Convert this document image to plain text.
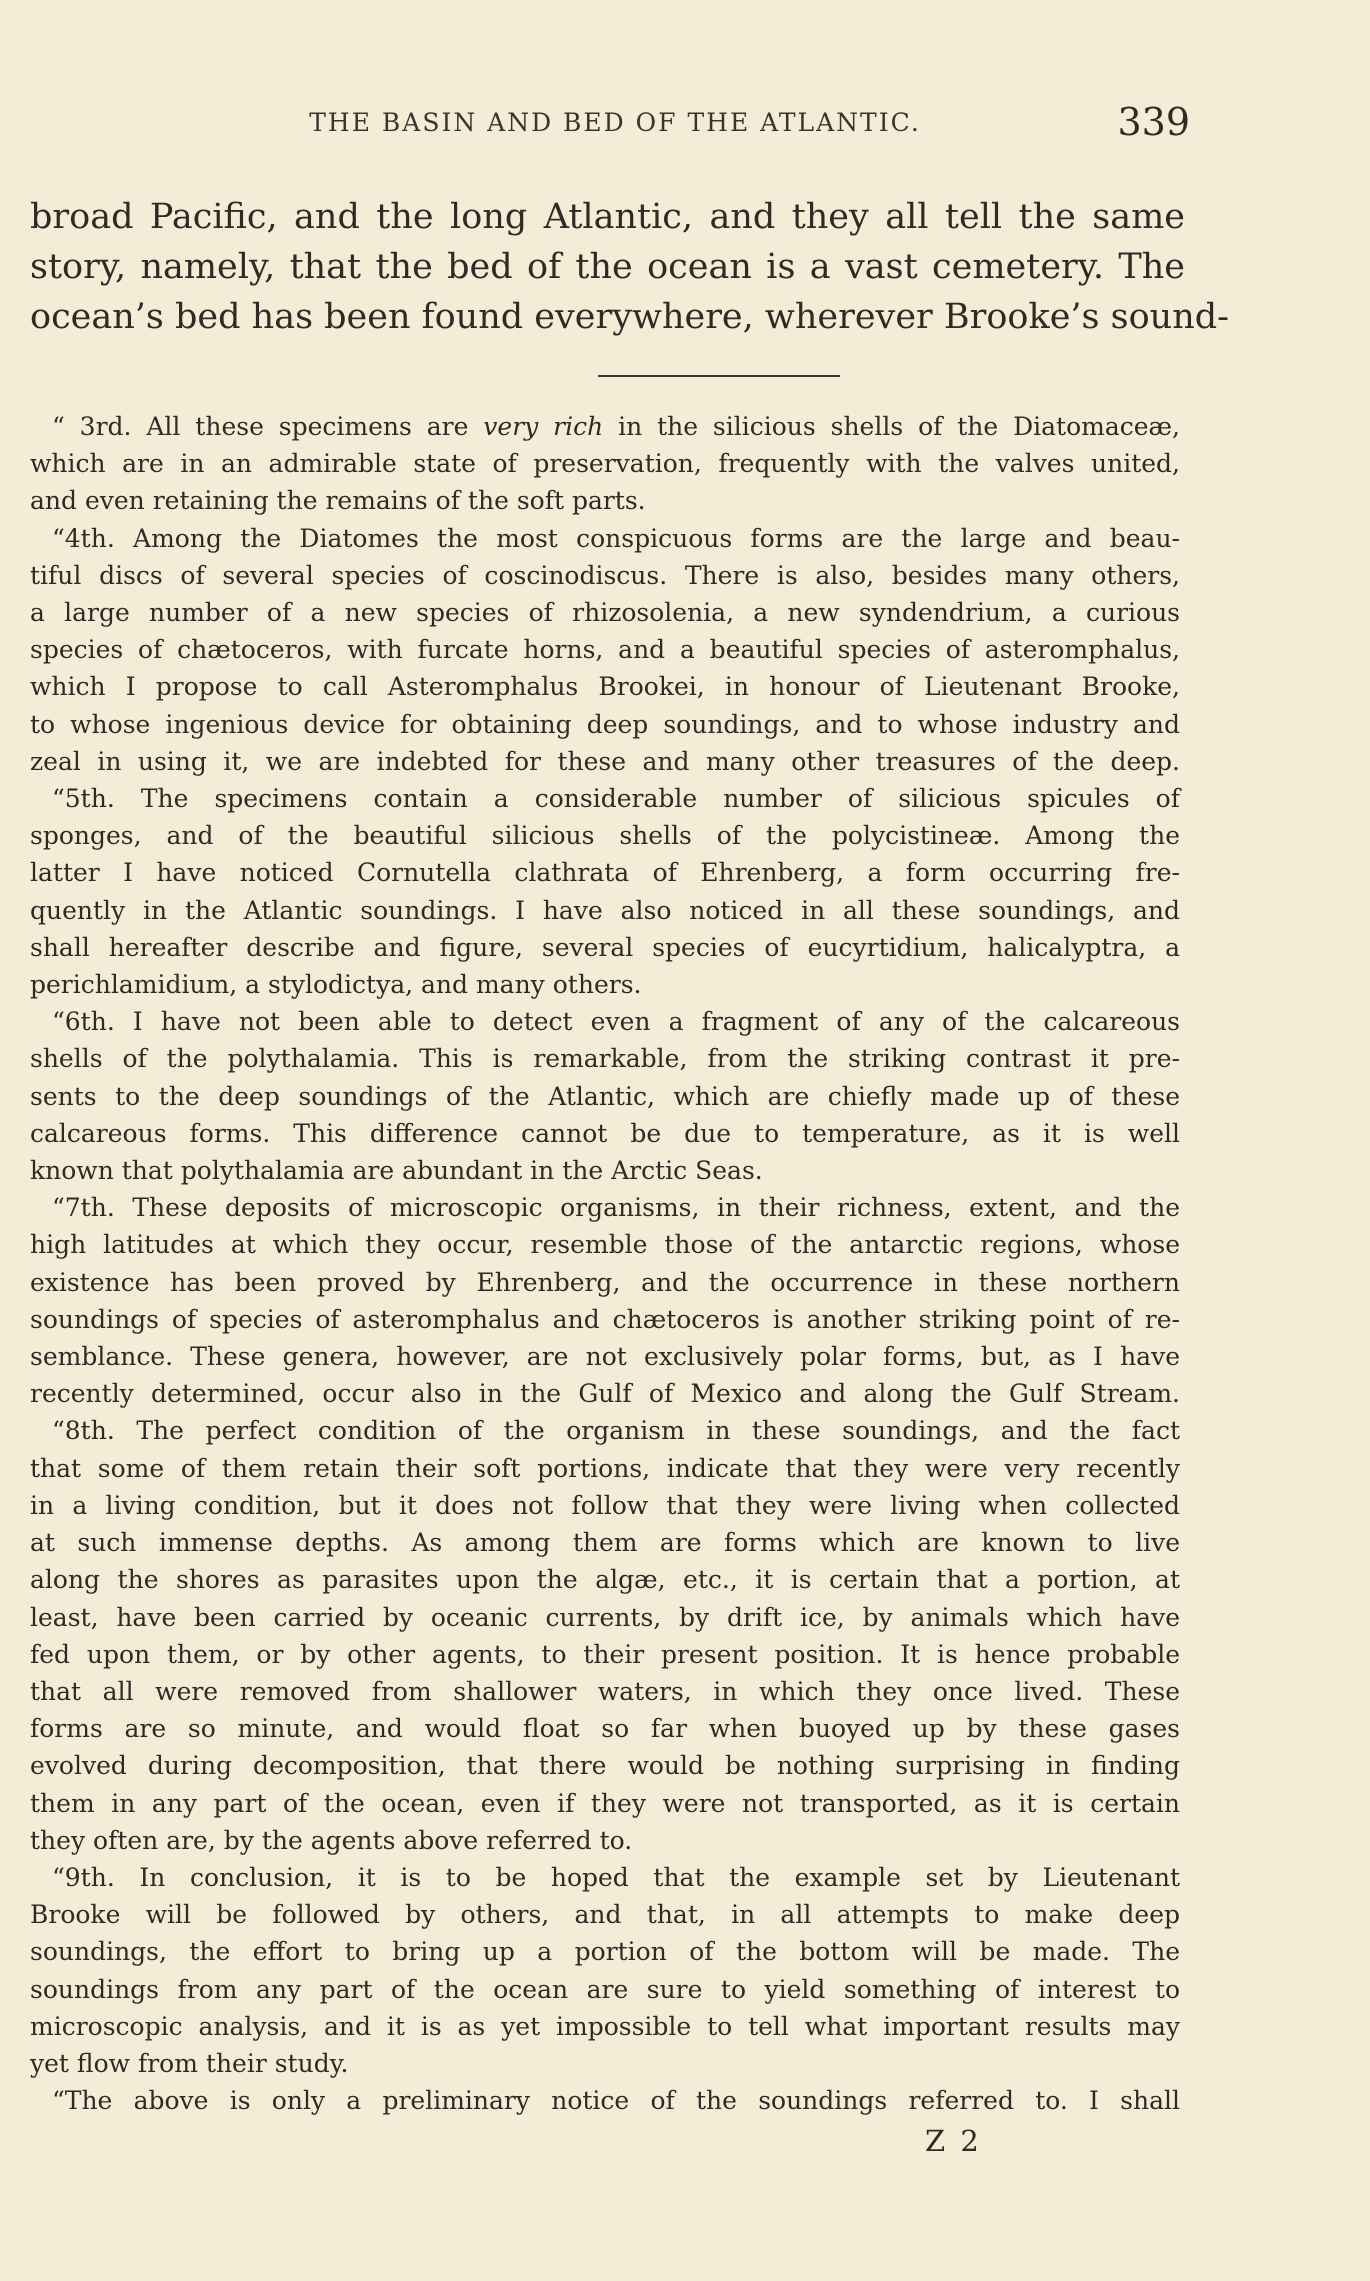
THE BASIN AND BED OF THE ATLANTIC.	339
broad Pacific, and the long Atlantic, and they all tell the same
story, namely, that the bed of the ocean is a vast cemetery. The
ocean’s bed has been found everywhere, wherever Brooke’s sound-
“ 3rd. All these specimens are very rich in the silicious shells of the Diatomaceæ,
which are in an admirable state of preservation, frequently with the valves united,
and even retaining the remains of the soft parts.
“4th. Among the Diatomes the most conspicuous forms are the large and beau-
tiful discs of several species of coscinodiscus. There is also, besides many others,
a large number of a new species of rhizosolenia, a new syndendrium, a curious
species of chætoceros, with furcate horns, and a beautiful species of asteromphalus,
which I propose to call Asteromphalus Brookei, in honour of Lieutenant Brooke,
to whose ingenious device for obtaining deep soundings, and to whose industry and
zeal in using it, we are indebted for these and many other treasures of the deep.
“5th. The specimens contain a considerable number of silicious spicules of
sponges, and of the beautiful silicious shells of the polycistineæ. Among the
latter I have noticed Cornutella clathrata of Ehrenberg, a form occurring fre-
quently in the Atlantic soundings. I have also noticed in all these soundings, and
shall hereafter describe and figure, several species of eucyrtidium, halicalyptra, a
perichlamidium, a stylodictya, and many others.
“6th. I have not been able to detect even a fragment of any of the calcareous
shells of the polythalamia. This is remarkable, from the striking contrast it pre-
sents to the deep soundings of the Atlantic, which are chiefly made up of these
calcareous forms. This difference cannot be due to temperature, as it is well
known that polythalamia are abundant in the Arctic Seas.
“7th. These deposits of microscopic organisms, in their richness, extent, and the
high latitudes at which they occur, resemble those of the antarctic regions, whose
existence has been proved by Ehrenberg, and the occurrence in these northern
soundings of species of asteromphalus and chætoceros is another striking point of re-
semblance. These genera, however, are not exclusively polar forms, but, as I have
recently determined, occur also in the Gulf of Mexico and along the Gulf Stream.
“8th. The perfect condition of the organism in these soundings, and the fact
that some of them retain their soft portions, indicate that they were very recently
in a living condition, but it does not follow that they were living when collected
at such immense depths. As among them are forms which are known to live
along the shores as parasites upon the algæ, etc., it is certain that a portion, at
least, have been carried by oceanic currents, by drift ice, by animals which have
fed upon them, or by other agents, to their present position. It is hence probable
that all were removed from shallower waters, in which they once lived. These
forms are so minute, and would float so far when buoyed up by these gases
evolved during decomposition, that there would be nothing surprising in finding
them in any part of the ocean, even if they were not transported, as it is certain
they often are, by the agents above referred to.
“9th. In conclusion, it is to be hoped that the example set by Lieutenant
Brooke will be followed by others, and that, in all attempts to make deep
soundings, the effort to bring up a portion of the bottom will be made. The
soundings from any part of the ocean are sure to yield something of interest to
microscopic analysis, and it is as yet impossible to tell what important results may
yet flow from their study.
“The above is only a preliminary notice of the soundings referred to. I shall
Z 2
